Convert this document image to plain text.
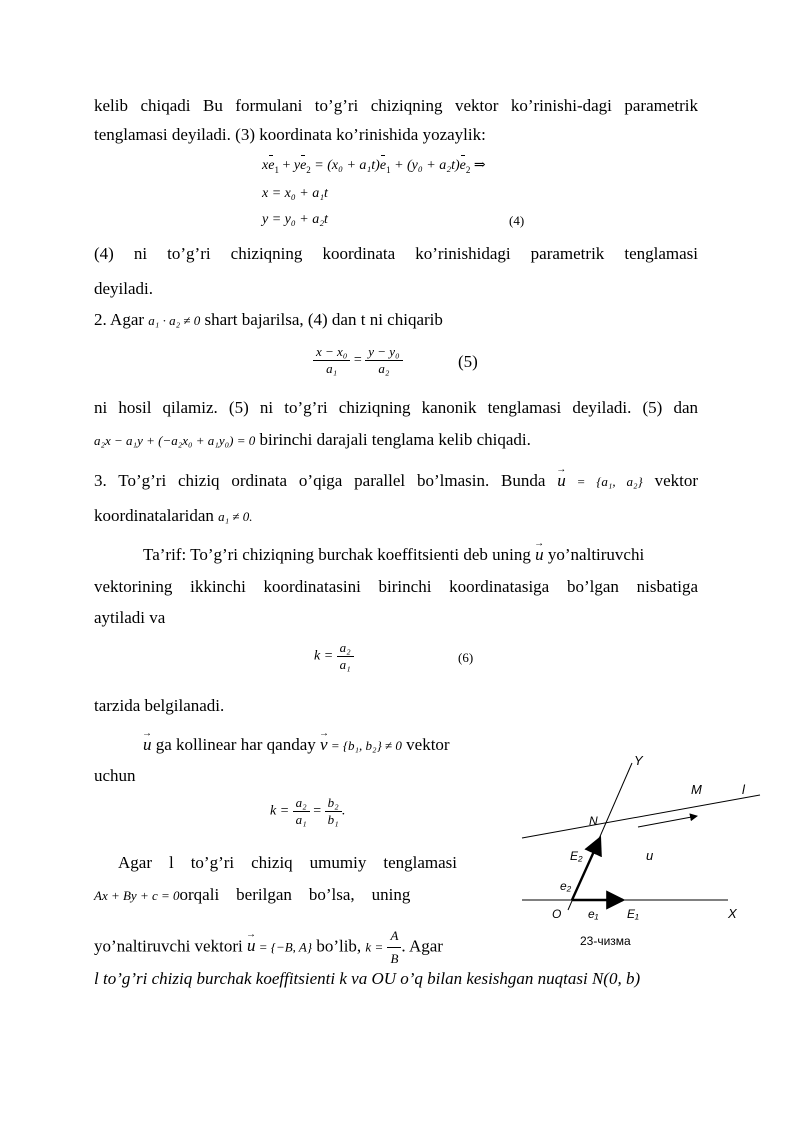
kelib chiqadi Bu formulani to’g’ri chiziqning vektor ko’rinishi-dagi parametrik
tenglamasi deyiladi. (3) koordinata ko’rinishida yozaylik:
$xe_1 + ye_2 = (x_0 + a_1t)e_1 + (y_0 + a_2t)e_2$ ⇒
x = x₀ + a₁t
y = y₀ + a₂t	(4)
(4) ni to’g’ri chiziqning koordinata ko’rinishidagi parametrik tenglamasi
deyiladi.
2. Agar a₁ · a₂ ≠ 0 shart bajarilsa, (4) dan t ni chiqarib
$\frac{\text{x − x₀}}{\text{a₁}} = \frac{\text{y − y₀}}{\text{a₂}}$	(5)
ni hosil qilamiz. (5) ni to’g’ri chiziqning kanonik tenglamasi deyiladi. (5) dan
a₂x − a₁y + (−a₂x₀ + a₁y₀) = 0 birinchi darajali tenglama kelib chiqadi.
3. To’g’ri chiziq ordinata o’qiga parallel bo’lmasin. Bunda → u = {a₁, a₂} vektor
koordinatalaridan a₁ ≠ 0.
Ta’rif: To’g’ri chiziqning burchak koeffitsienti deb uning → u yo’naltiruvchi
vektorining ikkinchi koordinatasini birinchi koordinatasiga bo’lgan nisbatiga
aytiladi va
$k = \frac{\text{a₂}}{\text{a₁}}$	(6)
tarzida belgilanadi.
→ u ga kollinear har qanday → v = {b₁, b₂} ≠ 0 vektor
uchun
$k = \frac{\text{a₂}}{\text{a₁}} = \frac{\text{b₂}}{\text{b₁}}$ .
Agar    l    to’g’ri    chiziq    umumiy    tenglamasi
Ax + By + c = 0orqali    berilgan    bo’lsa,    uning
yo’naltiruvchi vektori → u = {−B, A} bo’lib, $k = \frac{A}{B}$ . Agar
l to’g’ri chiziq burchak koeffitsienti k va OU o’q bilan kesishgan nuqtasi N(0, b)
Y
M	l
N
E₂	u
e₂
O e₁ E₁	X
23-чизма
